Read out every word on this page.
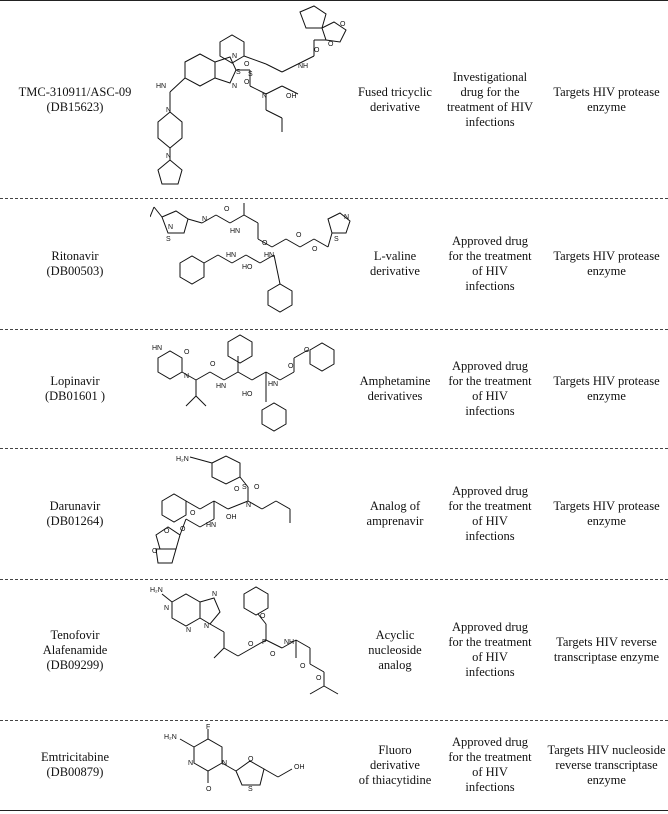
TMC-310911/ASC-09
(DB15623)
HN
N
N
S
O
O
S
N	OH
NH
O
O
O
N
N
Fused tricyclic
derivative
Investigational
drug for the
treatment of HIV
infections
Targets HIV protease
enzyme
Ritonavir
(DB00503)
N
S
N
O
HN
O
HN
HO
HN
O
O
N
S
L-valine
derivative
Approved drug
for the treatment
of HIV
infections
Targets HIV protease
enzyme
Lopinavir
(DB01601 )
HN
O
N
O
HN
HO
HN
O
O
Amphetamine
derivatives
Approved drug
for the treatment
of HIV
infections
Targets HIV protease
enzyme
Darunavir
(DB01264)
H₂N
O S O
N
OH
HN
O
O
O
O
Analog of
amprenavir
Approved drug
for the treatment
of HIV
infections
Targets HIV protease
enzyme
Tenofovir
Alafenamide
(DB09299)
H₂N
N
N
N
N
O
O
P NH
O
O
O
Acyclic
nucleoside analog
Approved drug
for the treatment
of HIV
infections
Targets HIV reverse
transcriptase enzyme
Emtricitabine
(DB00879)
F
H₂N
N	N
O
O
S
OH
Fluoro derivative
of thiacytidine
Approved drug
for the treatment
of HIV
infections
Targets HIV nucleoside
reverse transcriptase
enzyme
